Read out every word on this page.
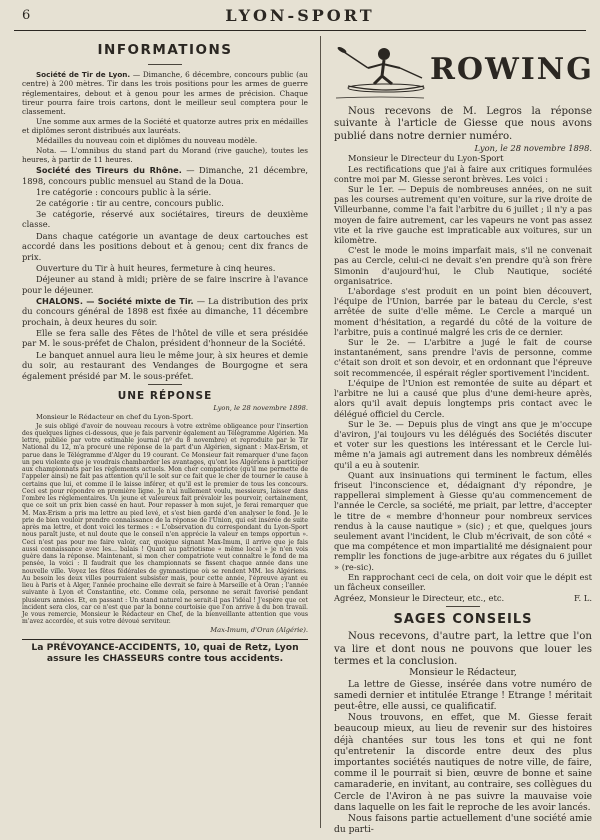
6	LYON-SPORT
INFORMATIONS

Société de Tir de Lyon. — Dimanche, 6 décembre, concours public (au centre) à 200 mètres. Tir dans les trois positions pour les armes de guerre réglementaires, debout et à genou pour les armes de précision. Chaque tireur pourra faire trois cartons, dont le meilleur seul comptera pour le classement.

Une somme aux armes de la Société et quatorze autres prix en médailles et diplômes seront distribués aux lauréats.

Médailles du nouveau coin et diplômes du nouveau modèle.

Nota. — L'omnibus du stand part du Morand (rive gauche), toutes les heures, à partir de 11 heures.

Société des Tireurs du Rhône. — Dimanche, 21 décembre, 1898, concours public mensuel au Stand de la Doua.

1re catégorie : concours public à la série.

2e catégorie : tir au centre, concours public.

3e catégorie, réservé aux sociétaires, tireurs de deuxième classe.

Dans chaque catégorie un avantage de deux cartouches est accordé dans les positions debout et à genou; cent dix francs de prix.

Ouverture du Tir à huit heures, fermeture à cinq heures.

Déjeuner au stand à midi; prière de se faire inscrire à l'avance pour le déjeuner.

CHALONS. — Société mixte de Tir. — La distribution des prix du concours général de 1898 est fixée au dimanche, 11 décembre prochain, à deux heures du soir.

Elle se fera salle des Fêtes de l'hôtel de ville et sera présidée par M. le sous-préfet de Chalon, président d'honneur de la Société.

Le banquet annuel aura lieu le même jour, à six heures et demie du soir, au restaurant des Vendanges de Bourgogne et sera également présidé par M. le sous-préfet.

UNE RÉPONSE

Lyon, le 28 novembre 1898.

Monsieur le Rédacteur en chef du Lyon-Sport.

Je suis obligé d'avoir de nouveau recours à votre extrême obligeance pour l'insertion des quelques lignes ci-dessous, que je fais parvenir également au Télégramme Algérien. Ma lettre, publiée par votre estimable journal (nº du 8 novembre) et reproduite par le Tir National du 12, m'a procuré une réponse de la part d'un Algérien, signant : Max-Erism, et parue dans le Télégramme d'Alger du 19 courant. Ce Monsieur fait remarquer d'une façon un peu violente que je voudrais chambarder les avantages, qu'ont les Algériens à participer aux championnats par les règlements actuels. Mon cher compatriote (qu'il me permette de l'appeler ainsi) ne fait pas attention qu'il le soit sur ce fait que le cher de tourner le cause à certains que lui, et comme il le laisse inférer, et qu'il est le premier de tous les concours. Ceci est pour répondre en première ligne. Je n'ai nullement voulu, messieurs, laisser dans l'ombre les réglementaires. Un jeune et valeureux fait prévaloir les pourvoir, certainement, que ce soit un prix bien cassé en haut. Pour repasser à mon sujet, je ferai remarquer que M. Max-Erism a pris ma lettre au pied levé, et s'est bien gardé d'en analyser le fond. Je le prie de bien vouloir prendre connaissance de la réponse de l'Union, qui est insérée de suite après ma lettre, et dont voici les termes : « L'observation du correspondant du Lyon-Sport nous paraît juste, et nul doute que le conseil n'en apprécie la valeur en temps opportun ». Ceci n'est pas pour me faire valoir, car, quoique signant Max-Imum, il arrive que je fais aussi connaissance avec les... balais ! Quant au patriotisme « même local » je n'en vois guère dans la réponse. Maintenant, si mon cher compatriote veut connaître le fond de ma pensée, la voici : Il faudrait que les championnats se fissent chaque année dans une nouvelle ville. Voyez les fêtes fédérales de gymnastique où se rendent MM. les Algériens. Au besoin les deux villes pourraient subsister mais, pour cette année, l'épreuve ayant eu lieu à Paris et à Alger, l'année prochaine elle devrait se faire à Marseille et à Oran ; l'année suivante à Lyon et Constantine, etc. Comme cela, personne ne serait favorisé pendant plusieurs années. Et, en passant : Un stand naturel ne serait-il pas l'idéal ! J'espère que cet incident sera clos, car ce n'est que par la bonne courtoisie que l'on arrive à du bon travail. Je vous remercie, Monsieur le Rédacteur en Chef, de la bienveillante attention que vous m'avez accordée, et suis votre dévoué serviteur.

Max-Imum, d'Oran (Algérie).

La PRÉVOYANCE-ACCIDENTS, 10, quai de Retz, Lyon
assure les CHASSEURS contre tous accidents.
ROWING

Nous recevons de M. Legros la réponse suivante à l'article de Giesse que nous avons publié dans notre dernier numéro.

Lyon, le 28 novembre 1898.

Monsieur le Directeur du Lyon-Sport

Les rectifications que j'ai à faire aux critiques formulées contre moi par M. Giesse seront brèves. Les voici :

Sur le 1er. — Depuis de nombreuses années, on ne suit pas les courses autrement qu'en voiture, sur la rive droite de Villeurbanne, comme l'a fait l'arbitre du 6 juillet ; il n'y a pas moyen de faire autrement, car les vapeurs ne vont pas assez vite et la rive gauche est impraticable aux voitures, sur un kilomètre.

C'est le mode le moins imparfait mais, s'il ne convenait pas au Cercle, celui-ci ne devait s'en prendre qu'à son frère Simonin d'aujourd'hui, le Club Nautique, société organisatrice.

L'abordage s'est produit en un point bien découvert, l'équipe de l'Union, barrée par le bateau du Cercle, s'est arrêtée de suite d'elle même. Le Cercle a marqué un moment d'hésitation, a regardé du côté de la voiture de l'arbitre, puis a continué malgré les cris de ce dernier.

Sur le 2e. — L'arbitre a jugé le fait de course instantanément, sans prendre l'avis de personne, comme c'était son droit et son devoir, et en ordonnant que l'épreuve soit recommencée, il espérait régler sportivement l'incident.

L'équipe de l'Union est remontée de suite au départ et l'arbitre ne lui a causé que plus d'une demi-heure après, alors qu'il avait depuis longtemps pris contact avec le délégué officiel du Cercle.

Sur le 3e. — Depuis plus de vingt ans que je m'occupe d'aviron, j'ai toujours vu les délégués des Sociétés discuter et voter sur les questions les intéressant et le Cercle lui-même n'a jamais agi autrement dans les nombreux démêlés qu'il a eu à soutenir.

Quant aux insinuations qui terminent le factum, elles friseut l'inconscience et, dédaignant d'y répondre, je rappellerai simplement à Giesse qu'au commencement de l'année le Cercle, sa société, me priait, par lettre, d'accepter le titre de « membre d'honneur pour nombreux services rendus à la cause nautique » (sic) ; et que, quelques jours seulement avant l'incident, le Club m'écrivait, de son côté « que ma compétence et mon impartialité me désignaient pour remplir les fonctions de juge-arbitre aux régates du 6 juillet » (re-sic).

En rapprochant ceci de cela, on doit voir que le dépit est un fâcheux conseiller.

Agréez, Monsieur le Directeur, etc., etc.	F. L.
SAGES CONSEILS

Nous recevons, d'autre part, la lettre que l'on va lire et dont nous ne pouvons que louer les termes et la conclusion.

Monsieur le Rédacteur,

La lettre de Giesse, insérée dans votre numéro de samedi dernier et intitulée Etrange ! Etrange ! méritait peut-être, elle aussi, ce qualificatif.

Nous trouvons, en effet, que M. Giesse ferait beaucoup mieux, au lieu de revenir sur des histoires déjà chantées sur tous les tons et qui ne font qu'entretenir la discorde entre deux des plus importantes sociétés nautiques de notre ville, de faire, comme il le pourrait si bien, œuvre de bonne et saine camaraderie, en invitant, au contraire, ses collègues du Cercle de l'Aviron à ne pas suivre la mauvaise voie dans laquelle on les fait le reproche de les avoir lancés.

Nous faisons partie actuellement d'une société amie du parti-
